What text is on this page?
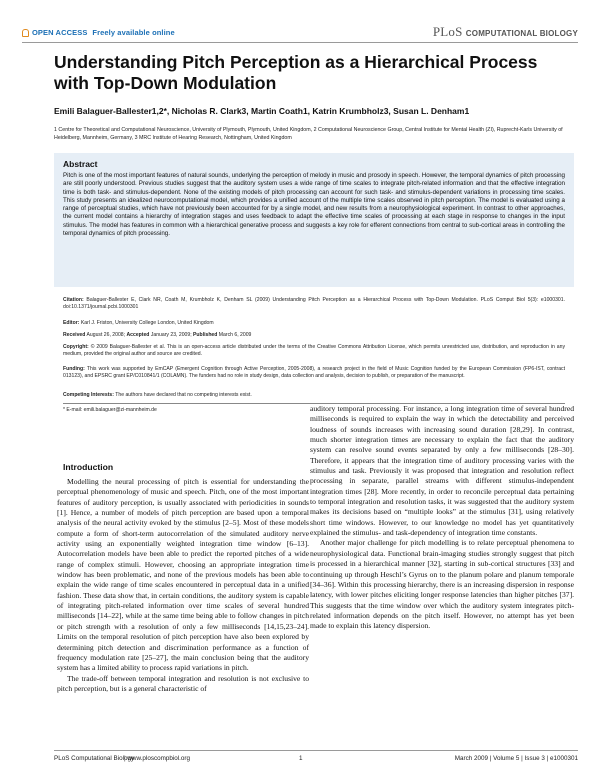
OPEN ACCESS Freely available online	PLoS COMPUTATIONAL BIOLOGY
Understanding Pitch Perception as a Hierarchical Process with Top-Down Modulation
Emili Balaguer-Ballester1,2*, Nicholas R. Clark3, Martin Coath1, Katrin Krumbholz3, Susan L. Denham1
1 Centre for Theoretical and Computational Neuroscience, University of Plymouth, Plymouth, United Kingdom, 2 Computational Neuroscience Group, Central Institute for Mental Health (ZI), Ruprecht-Karls University of Heidelberg, Mannheim, Germany, 3 MRC Institute of Hearing Research, Nottingham, United Kingdom
Abstract
Pitch is one of the most important features of natural sounds, underlying the perception of melody in music and prosody in speech. However, the temporal dynamics of pitch processing are still poorly understood. Previous studies suggest that the auditory system uses a wide range of time scales to integrate pitch-related information and that the effective integration time is both task- and stimulus-dependent. None of the existing models of pitch processing can account for such task- and stimulus-dependent variations in processing time scales. This study presents an idealized neurocomputational model, which provides a unified account of the multiple time scales observed in pitch perception. The model is evaluated using a range of perceptual studies, which have not previously been accounted for by a single model, and new results from a neurophysiological experiment. In contrast to other approaches, the current model contains a hierarchy of integration stages and uses feedback to adapt the effective time scales of processing at each stage in response to changes in the input stimulus. The model has features in common with a hierarchical generative process and suggests a key role for efferent connections from central to sub-cortical areas in controlling the temporal dynamics of pitch processing.
Citation: Balaguer-Ballester E, Clark NR, Coath M, Krumbholz K, Denham SL (2009) Understanding Pitch Perception as a Hierarchical Process with Top-Down Modulation. PLoS Comput Biol 5(3): e1000301. doi:10.1371/journal.pcbi.1000301
Editor: Karl J. Friston, University College London, United Kingdom
Received August 26, 2008; Accepted January 23, 2009; Published March 6, 2009
Copyright: © 2009 Balaguer-Ballester et al. This is an open-access article distributed under the terms of the Creative Commons Attribution License, which permits unrestricted use, distribution, and reproduction in any medium, provided the original author and source are credited.
Funding: This work was supported by EmCAP (Emergent Cognition through Active Perception, 2005-2008), a research project in the field of Music Cognition funded by the European Commission (FP6-IST, contract 013123), and EPSRC grant EP/C010841/1 (COLAMN). The funders had no role in study design, data collection and analysis, decision to publish, or preparation of the manuscript.
Competing Interests: The authors have declared that no competing interests exist.
* E-mail: emili.balaguer@zi-mannheim.de
Introduction

Modelling the neural processing of pitch is essential for understanding the perceptual phenomenology of music and speech. Pitch, one of the most important features of auditory perception, is usually associated with periodicities in sounds [1]. Hence, a number of models of pitch perception are based upon a temporal analysis of the neural activity evoked by the stimulus [2–5]. Most of these models compute a form of short-term autocorrelation of the simulated auditory nerve activity using an exponentially weighted integration time window [6–13]. Autocorrelation models have been able to predict the reported pitches of a wide range of complex stimuli. However, choosing an appropriate integration time window has been problematic, and none of the previous models has been able to explain the wide range of time scales encountered in perceptual data in a unified fashion. These data show that, in certain conditions, the auditory system is capable of integrating pitch-related information over time scales of several hundred milliseconds [14–22], while at the same time being able to follow changes in pitch or pitch strength with a resolution of only a few milliseconds [14,15,23–24]. Limits on the temporal resolution of pitch perception have also been explored by determining pitch detection and discrimination performance as a function of frequency modulation rate [25–27], the main conclusion being that the auditory system has a limited ability to process rapid variations in pitch.

The trade-off between temporal integration and resolution is not exclusive to pitch perception, but is a general characteristic of

auditory temporal processing. For instance, a long integration time of several hundred milliseconds is required to explain the way in which the detectability and perceived loudness of sounds increases with increasing sound duration [28,29]. In contrast, much shorter integration times are necessary to explain the fact that the auditory system can resolve sound events separated by only a few milliseconds [28–30]. Therefore, it appears that the integration time of auditory processing varies with the stimulus and task. Previously it was proposed that integration and resolution reflect processing in separate, parallel streams with different stimulus-independent integration times [28]. More recently, in order to reconcile perceptual data pertaining to temporal integration and resolution tasks, it was suggested that the auditory system makes its decisions based on “multiple looks” at the stimulus [31], using relatively short time windows. However, to our knowledge no model has yet quantitatively explained the stimulus- and task-dependency of integration time constants.

Another major challenge for pitch modelling is to relate perceptual phenomena to neurophysiological data. Functional brain-imaging studies strongly suggest that pitch is processed in a hierarchical manner [32], starting in sub-cortical structures [33] and continuing up through Heschl’s Gyrus on to the planum polare and planum temporale [34–36]. Within this processing hierarchy, there is an increasing dispersion in response latency, with lower pitches eliciting longer response latencies than higher pitches [37]. This suggests that the time window over which the auditory system integrates pitch-related information depends on the pitch itself. However, no attempt has yet been made to explain this latency dispersion.

PLoS Computational Biology
| www.ploscompbiol.org	1	March 2009 | Volume 5 | Issue 3 | e1000301
